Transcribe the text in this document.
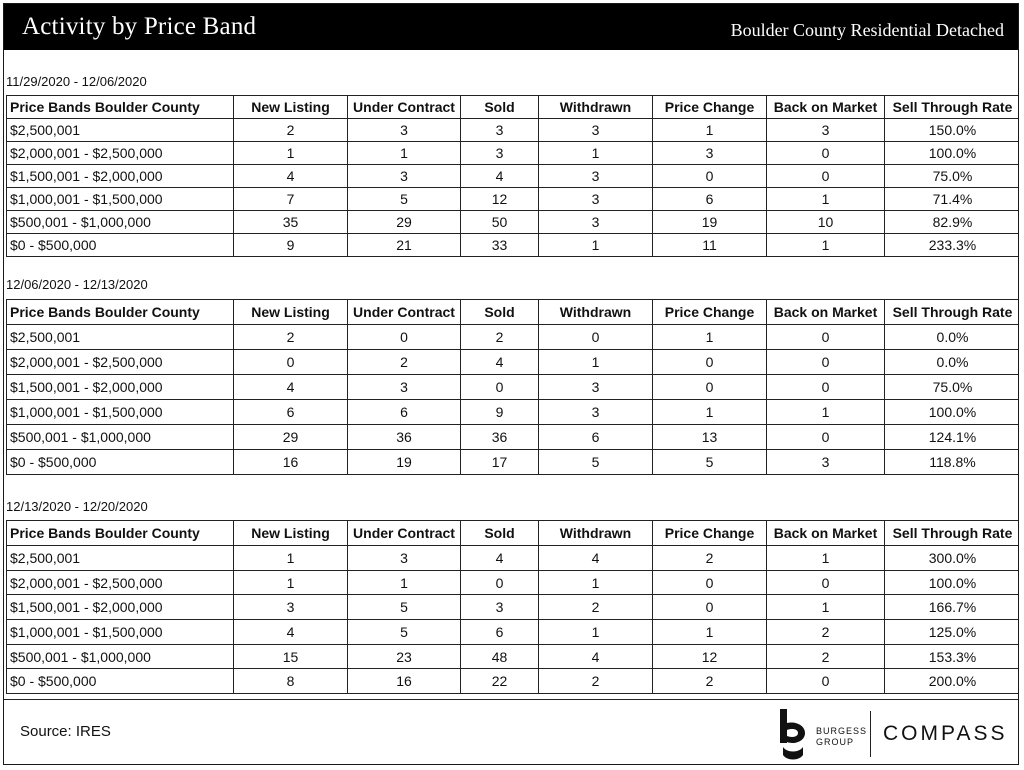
Activity by Price Band	Boulder County Residential Detached
11/29/2020 - 12/06/2020
Price Bands Boulder County	New Listing	Under Contract	Sold	Withdrawn	Price Change	Back on Market	Sell Through Rate
$2,500,001	2	3	3	3	1	3	150.0%
$2,000,001 - $2,500,000	1	1	3	1	3	0	100.0%
$1,500,001 - $2,000,000	4	3	4	3	0	0	75.0%
$1,000,001 - $1,500,000	7	5	12	3	6	1	71.4%
$500,001 - $1,000,000	35	29	50	3	19	10	82.9%
$0 - $500,000	9	21	33	1	11	1	233.3%
12/06/2020 - 12/13/2020
Price Bands Boulder County	New Listing	Under Contract	Sold	Withdrawn	Price Change	Back on Market	Sell Through Rate
$2,500,001	2	0	2	0	1	0	0.0%
$2,000,001 - $2,500,000	0	2	4	1	0	0	0.0%
$1,500,001 - $2,000,000	4	3	0	3	0	0	75.0%
$1,000,001 - $1,500,000	6	6	9	3	1	1	100.0%
$500,001 - $1,000,000	29	36	36	6	13	0	124.1%
$0 - $500,000	16	19	17	5	5	3	118.8%
12/13/2020 - 12/20/2020
Price Bands Boulder County	New Listing	Under Contract	Sold	Withdrawn	Price Change	Back on Market	Sell Through Rate
$2,500,001	1	3	4	4	2	1	300.0%
$2,000,001 - $2,500,000	1	1	0	1	0	0	100.0%
$1,500,001 - $2,000,000	3	5	3	2	0	1	166.7%
$1,000,001 - $1,500,000	4	5	6	1	1	2	125.0%
$500,001 - $1,000,000	15	23	48	4	12	2	153.3%
$0 - $500,000	8	16	22	2	2	0	200.0%
Source: IRES	BURGESS
GROUP	COMPASS
